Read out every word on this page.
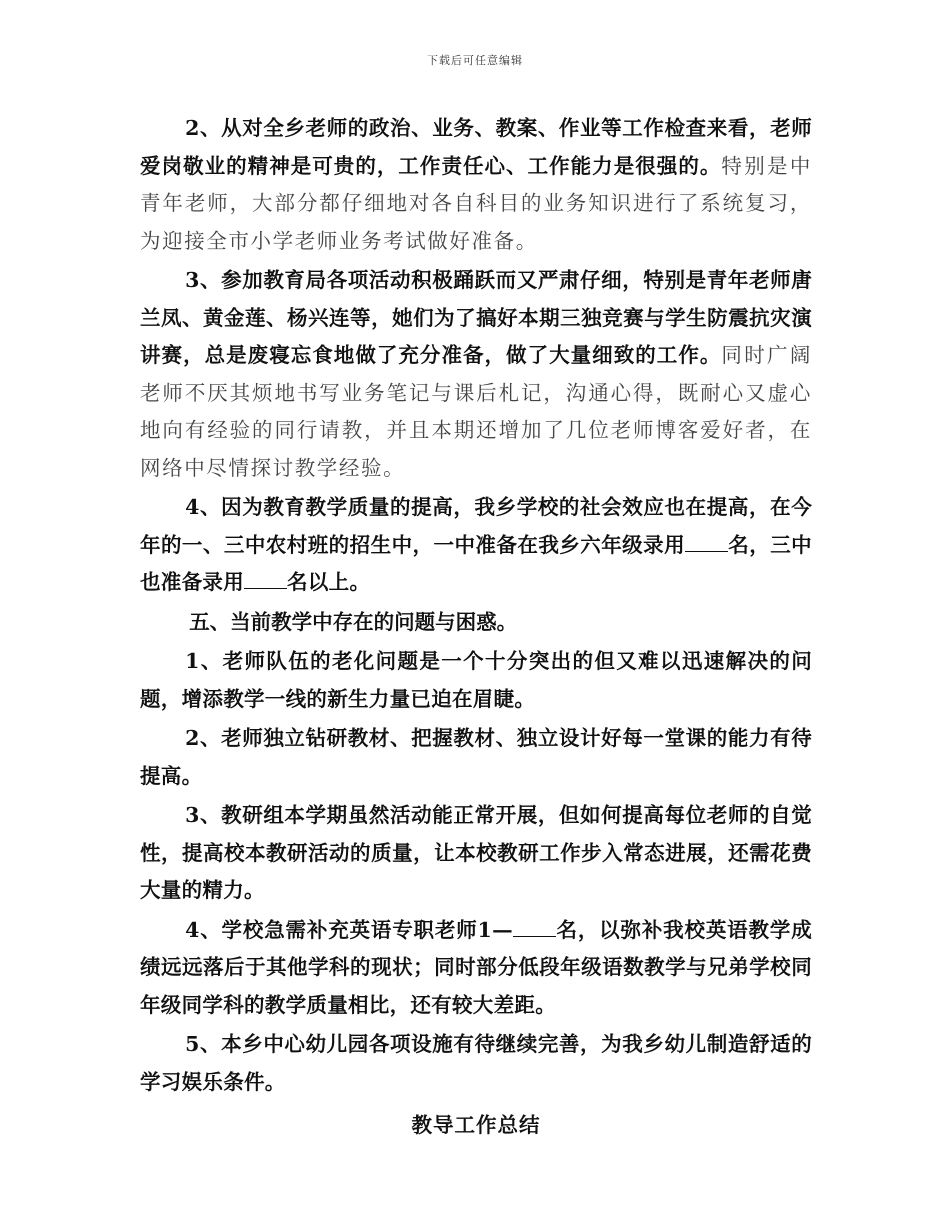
下载后可任意编辑

2、从对全乡老师的政治、业务、教案、作业等工作检查来看，老师爱岗敬业的精神是可贵的，工作责任心、工作能力是很强的。特别是中青年老师，大部分都仔细地对各自科目的业务知识进行了系统复习，为迎接全市小学老师业务考试做好准备。

3、参加教育局各项活动积极踊跃而又严肃仔细，特别是青年老师唐兰凤、黄金莲、杨兴连等，她们为了搞好本期三独竞赛与学生防震抗灾演讲赛，总是废寝忘食地做了充分准备，做了大量细致的工作。同时广阔老师不厌其烦地书写业务笔记与课后札记，沟通心得，既耐心又虚心地向有经验的同行请教，并且本期还增加了几位老师博客爱好者，在网络中尽情探讨教学经验。

4、因为教育教学质量的提高，我乡学校的社会效应也在提高，在今年的一、三中农村班的招生中，一中准备在我乡六年级录用 名，三中也准备录用 名以上。

五、当前教学中存在的问题与困惑。

1、老师队伍的老化问题是一个十分突出的但又难以迅速解决的问题，增添教学一线的新生力量已迫在眉睫。

2、老师独立钻研教材、把握教材、独立设计好每一堂课的能力有待提高。

3、教研组本学期虽然活动能正常开展，但如何提高每位老师的自觉性，提高校本教研活动的质量，让本校教研工作步入常态进展，还需花费大量的精力。

4、学校急需补充英语专职老师1— 名，以弥补我校英语教学成绩远远落后于其他学科的现状；同时部分低段年级语数教学与兄弟学校同年级同学科的教学质量相比，还有较大差距。

5、本乡中心幼儿园各项设施有待继续完善，为我乡幼儿制造舒适的学习娱乐条件。

教导工作总结
